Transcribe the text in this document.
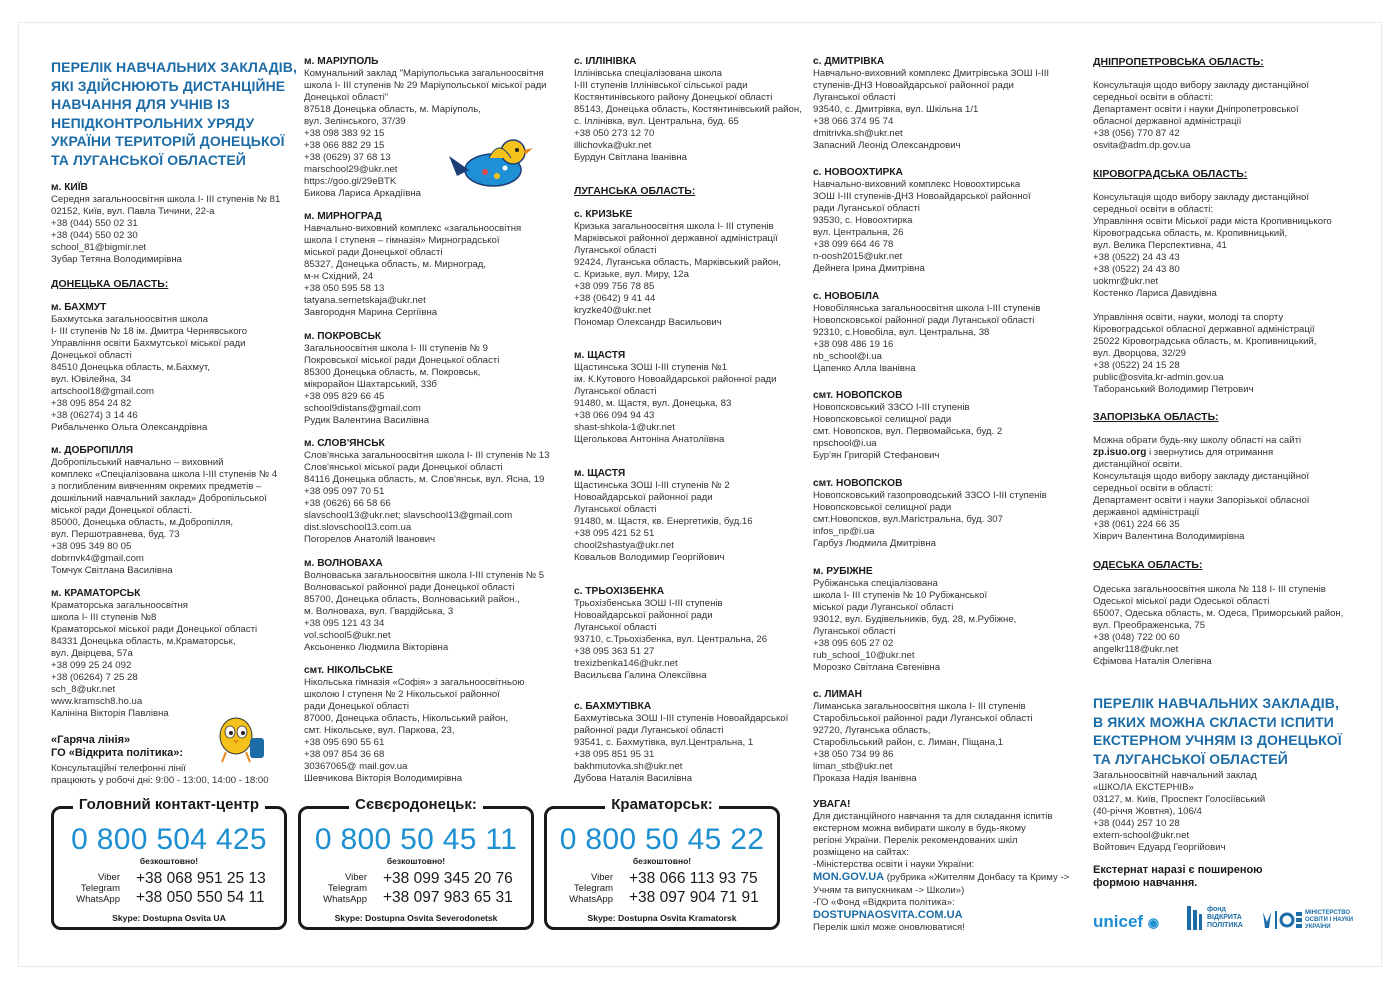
ПЕРЕЛІК НАВЧАЛЬНИХ ЗАКЛАДІВ,
ЯКІ ЗДІЙСНЮЮТЬ ДИСТАНЦІЙНЕ
НАВЧАННЯ ДЛЯ УЧНІВ ІЗ
НЕПІДКОНТРОЛЬНИХ УРЯДУ
УКРАЇНИ ТЕРИТОРІЙ ДОНЕЦЬКОЇ
ТА ЛУГАНСЬКОЇ ОБЛАСТЕЙ
м. КИЇВ
Середня загальноосвітня школа I- III ступенів № 81
02152, Київ, вул. Павла Тичини, 22-а
+38 (044) 550 02 31
+38 (044) 550 02 30
school_81@bigmir.net
Зубар Тетяна Володимирівна
ДОНЕЦЬКА ОБЛАСТЬ:
м. БАХМУТ
Бахмутська загальноосвітня школа
I- III ступенів № 18 ім. Дмитра Чернявського
Управління освіти Бахмутської міської ради
Донецької області
84510 Донецька область, м.Бахмут,
вул. Ювілейна, 34
artschool18@gmail.com
+38 095 854 24 82
+38 (06274) 3 14 46
Рибальченко Ольга Олександрівна
м. ДОБРОПІЛЛЯ
Добропільський навчально – виховний
комплекс «Спеціалізована школа I-III ступенів № 4
з поглибленим вивченням окремих предметів –
дошкільний навчальний заклад» Добропільської
міської ради Донецької області.
85000, Донецька область, м.Добропілля,
вул. Першотравнева, буд. 73
+38 095 349 80 05
dobrnvk4@gmail.com
Томчук Світлана Василівна
м. КРАМАТОРСЬК
Краматорська загальноосвітня
школа I- III ступенів №8
Краматорської міської ради Донецької області
84331 Донецька область, м.Краматорськ,
вул. Двірцева, 57а
+38 099 25 24 092
+38 (06264) 7 25 28
sch_8@ukr.net
www.kramsch8.ho.ua
Калініна Вікторія Павлівна
«Гаряча лінія»
ГО «Відкрита політика»:
Консультаційні телефонні лінії
працюють у робочі дні: 9:00 - 13:00, 14:00 - 18:00
м. МАРІУПОЛЬ
Комунальний заклад "Маріупольська загальноосвітня
школа I- III ступенів № 29 Маріупольської міської ради
Донецької області"
87518 Донецька область, м. Маріуполь,
вул. Зелінського, 37/39
+38 098 383 92 15
+38 066 882 29 15
+38 (0629) 37 68 13
marschool29@ukr.net
https://goo.gl/29eBTK
Бикова Лариса Аркадіївна
м. МИРНОГРАД
Навчально-виховний комплекс «загальноосвітня
школа I ступеня – гімназія» Мирноградської
міської ради Донецької області
85327, Донецька область, м. Мирноград,
м-н Східний, 24
+38 050 595 58 13
tatyana.sernetskaja@ukr.net
Завгородня Марина Сергіївна
м. ПОКРОВСЬК
Загальноосвітня школа I- III ступенів № 9
Покровської міської ради Донецької області
85300 Донецька область, м. Покровськ,
мікрорайон Шахтарський, 33б
+38 095 829 66 45
school9distans@gmail.com
Рудик Валентина Василівна
м. СЛОВ'ЯНСЬК
Слов'янська загальноосвітня школа I- III ступенів № 13
Слов'янської міської ради Донецької області
84116 Донецька область, м. Слов'янськ, вул. Ясна, 19
+38 095 097 70 51
+38 (0626) 66 58 66
slavschool13@ukr.net; slavschool13@gmail.com
dist.slovschool13.com.ua
Погорелов Анатолій Іванович
м. ВОЛНОВАХА
Волноваська загальноосвітня школа I-III ступенів № 5
Волноваської районної ради Донецької області
85700, Донецька область, Волноваський район.,
м. Волноваха, вул. Гвардійська, 3
+38 095 121 43 34
vol.school5@ukr.net
Аксьоненко Людмила Вікторівна
смт. НІКОЛЬСЬКЕ
Нікольська гімназія «Софія» з загальноосвітньою
школою I ступеня № 2 Нікольської районної
ради Донецької області
87000, Донецька область, Нікольський район,
смт. Нікольське, вул. Паркова, 23,
+38 095 690 55 61
+38 097 854 36 68
30367065@ mail.gov.ua
Шевчикова Вікторія Володимирівна
с. ІЛЛІНІВКА
Іллінівська спеціалізована школа
I-III ступенів Іллінівської сільської ради
Костянтинівського району Донецької області
85143, Донецька область, Костянтинівський район,
с. Іллінівка, вул. Центральна, буд. 65
+38 050 273 12 70
illichovka@ukr.net
Бурдун Світлана Іванівна
ЛУГАНСЬКА ОБЛАСТЬ:
с. КРИЗЬКЕ
Кризька загальноосвітня школа I- III ступенів
Марківської районної державної адміністрації
Луганської області
92424, Луганська область, Марківський район,
с. Кризьке, вул. Миру, 12а
+38 099 756 78 85
+38 (0642) 9 41 44
kryzke40@ukr.net
Пономар Олександр Васильович
м. ЩАСТЯ
Щастинська ЗОШ I-III ступенів №1
ім. К.Кутового Новоайдарської районної ради
Луганської області
91480, м. Щастя, вул. Донецька, 83
+38 066 094 94 43
shast-shkola-1@ukr.net
Щеголькова Антоніна Анатоліївна
м. ЩАСТЯ
Щастинська ЗОШ I-III ступенів № 2
Новоайдарської районної ради
Луганської області
91480, м. Щастя, кв. Енергетиків, буд.16
+38 095 421 52 51
chool2shastya@ukr.net
Ковальов Володимир Георгійович
с. ТРЬОХІЗБЕНКА
Трьохізбенська ЗОШ I-III ступенів
Новоайдарської районної ради
Луганської області
93710, с.Трьохізбенка, вул. Центральна, 26
+38 095 363 51 27
trexizbenka146@ukr.net
Васильєва Галина Олексіївна
с. БАХМУТІВКА
Бахмутівська ЗОШ I-III ступенів Новоайдарської
районної ради Луганської області
93541, с. Бахмутівка, вул.Центральна, 1
+38 095 851 95 31
bakhmutovka.sh@ukr.net
Дубова Наталія Василівна
с. ДМИТРІВКА
Навчально-виховний комплекс Дмитрівська ЗОШ I-III
ступенів-ДНЗ Новоайдарської районної ради
Луганської області
93540, с. Дмитрівка, вул. Шкільна 1/1
+38 066 374 95 74
dmitrivka.sh@ukr.net
Запасний Леонід Олександрович
с. НОВООХТИРКА
Навчально-виховний комплекс Новоохтирська
ЗОШ I-III ступенів-ДНЗ Новоайдарської районної
ради Луганської області
93530, с. Новоохтирка
вул. Центральна, 26
+38 099 664 46 78
n-oosh2015@ukr.net
Дейнега Ірина Дмитрівна
с. НОВОБІЛА
Новобілянська загальноосвітня школа I-III ступенів
Новопсковської районної ради Луганської області
92310, с.Новобіла, вул. Центральна, 38
+38 098 486 19 16
nb_school@i.ua
Цапенко Алла Іванівна
смт. НОВОПСКОВ
Новопсковський ЗЗСО I-III ступенів
Новопсковської селищної ради
смт. Новопсков, вул. Первомайська, буд. 2
npschool@i.ua
Бур'ян Григорій Стефанович
смт. НОВОПСКОВ
Новопсковський газопроводський ЗЗСО I-III ступенів
Новопсковської селищної ради
смт.Новопсков, вул.Магістральна, буд. 307
infos_np@i.ua
Гарбуз Людмила Дмитрівна
м. РУБІЖНЕ
Рубіжанська спеціалізована
школа I- III ступенів № 10 Рубіжанської
міської ради Луганської області
93012, вул. Будівельників, буд. 28, м.Рубіжне,
Луганської області
+38 095 605 27 02
rub_school_10@ukr.net
Морозко Світлана Євгенівна
с. ЛИМАН
Лиманська загальноосвітня школа I- III ступенів
Старобільської районної ради Луганської області
92720, Луганська область,
Старобільський район, с. Лиман, Піщана,1
+38 050 734 99 86
liman_stb@ukr.net
Проказа Надія Іванівна
УВАГА!
Для дистанційного навчання та для складання іспитів
екстерном можна вибирати школу в будь-якому
регіоні України. Перелік рекомендованих шкіл
розміщено на сайтах:
-Міністерства освіти і науки України:
MON.GOV.UA (рубрика «Жителям Донбасу та Криму ->
Учням та випускникам -> Школи»)
-ГО «Фонд «Відкрита політика»:
DOSTUPNAOSVITA.COM.UA
Перелік шкіл може оновлюватися!
ДНІПРОПЕТРОВСЬКА ОБЛАСТЬ:
Консультація щодо вибору закладу дистанційної
середньої освіти в області:
Департамент освіти і науки Дніпропетровської
обласної державної адміністрації
+38 (056) 770 87 42
osvita@adm.dp.gov.ua
КІРОВОГРАДСЬКА ОБЛАСТЬ:
Консультація щодо вибору закладу дистанційної
середньої освіти в області:
Управління освіти Міської ради міста Кропивницького
Кіровоградська область, м. Кропивницький,
вул. Велика Перспективна, 41
+38 (0522) 24 43 43
+38 (0522) 24 43 80
uokmr@ukr.net
Костенко Лариса Давидівна
Управління освіти, науки, молоді та спорту
Кіровоградської обласної державної адміністрації
25022 Кіровоградська область, м. Кропивницький,
вул. Дворцова, 32/29
+38 (0522) 24 15 28
public@osvita.kr-admin.gov.ua
Таборанський Володимир Петрович
ЗАПОРІЗЬКА ОБЛАСТЬ:
Можна обрати будь-яку школу області на сайті
zp.isuo.org і звернутись для отримання
дистанційної освіти.
Консультація щодо вибору закладу дистанційної
середньої освіти в області:
Департамент освіти і науки Запорізької обласної
державної адміністрації
+38 (061) 224 66 35
Хіврич Валентина Володимирівна
ОДЕСЬКА ОБЛАСТЬ:
Одеська загальноосвітня школа № 118 I- III ступенів
Одеської міської ради Одеської області
65007, Одеська область, м. Одеса, Приморський район,
вул. Преображенська, 75
+38 (048) 722 00 60
angelkr118@ukr.net
Єфімова Наталія Олегівна
ПЕРЕЛІК НАВЧАЛЬНИХ ЗАКЛАДІВ,
В ЯКИХ МОЖНА СКЛАСТИ ІСПИТИ
ЕКСТЕРНОМ УЧНЯМ ІЗ ДОНЕЦЬКОЇ
ТА ЛУГАНСЬКОЇ ОБЛАСТЕЙ
Загальноосвітній навчальний заклад
«ШКОЛА ЕКСТЕРНІВ»
03127, м. Київ, Проспект Голосіївський
(40-річчя Жовтня), 106/4
+38 (044) 257 10 28
extern-school@ukr.net
Войтович Едуард Георгійович
Екстернат наразі є поширеною
формою навчання.
unicef ◉
фонд
ВІДКРИТА
ПОЛІТИКА
МІНІСТЕРСТВО
ОСВІТИ І НАУКИ
УКРАЇНИ
Головний контакт-центр
0 800 504 425
безкоштовно!
Viber
Telegram
WhatsApp
+38 068 951 25 13
+38 050 550 54 11
Skype: Dostupna Osvita UA
Сєвєродонецьк:
0 800 50 45 11
безкоштовно!
Viber
Telegram
WhatsApp
+38 099 345 20 76
+38 097 983 65 31
Skype: Dostupna Osvita Severodonetsk
Краматорськ:
0 800 50 45 22
безкоштовно!
Viber
Telegram
WhatsApp
+38 066 113 93 75
+38 097 904 71 91
Skype: Dostupna Osvita Kramatorsk
